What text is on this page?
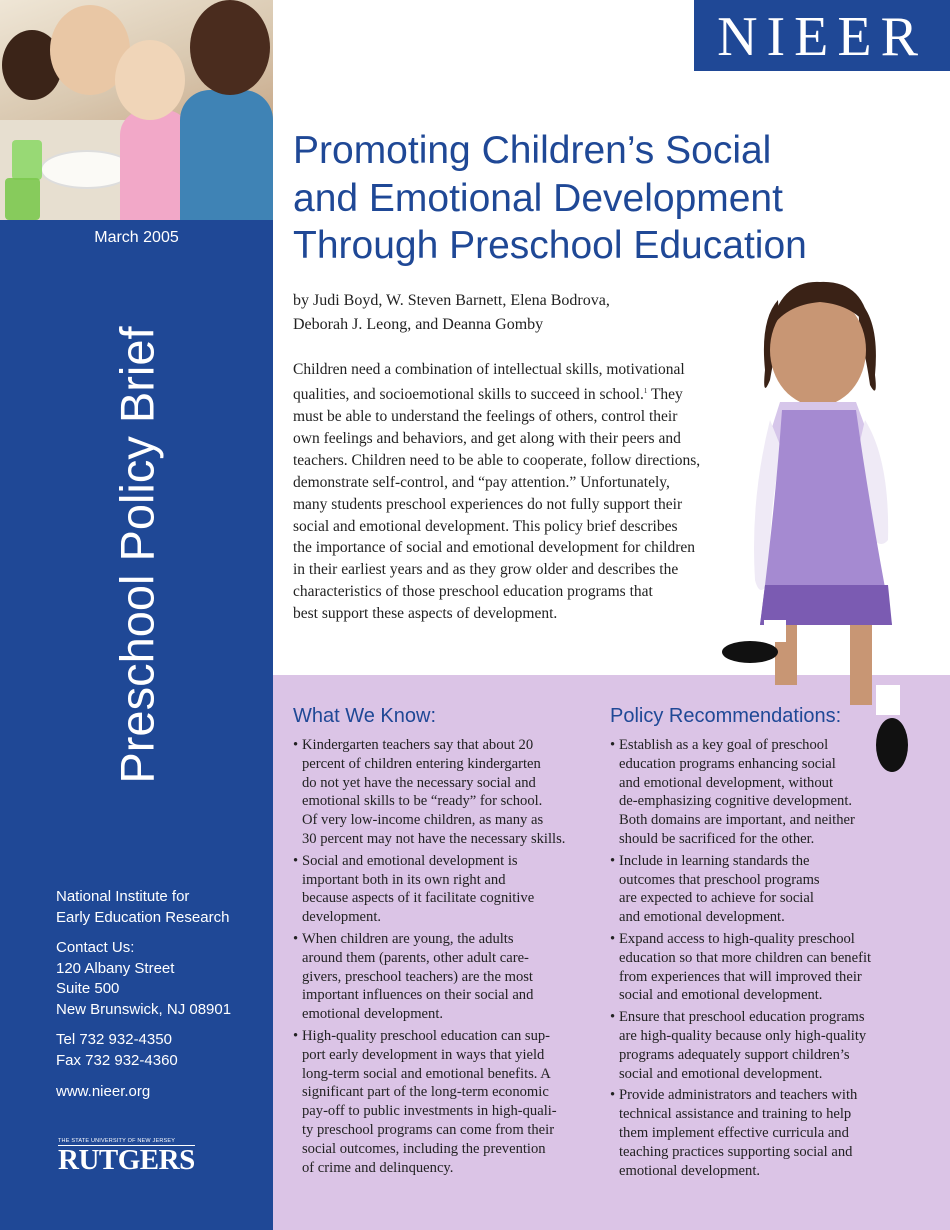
March 2005
Preschool Policy Brief
National Institute for
Early Education Research
Contact Us:
120 Albany Street
Suite 500
New Brunswick, NJ 08901
Tel 732 932-4350
Fax 732 932-4360
www.nieer.org
THE STATE UNIVERSITY OF NEW JERSEY
RUTGERS
NIEER
Promoting Children’s Social
and Emotional Development
Through Preschool Education
by Judi Boyd, W. Steven Barnett, Elena Bodrova,
Deborah J. Leong, and Deanna Gomby
Children need a combination of intellectual skills, motivational
qualities, and socioemotional skills to succeed in school.$^1$ They
must be able to understand the feelings of others, control their
own feelings and behaviors, and get along with their peers and
teachers. Children need to be able to cooperate, follow directions,
demonstrate self-control, and “pay attention.” Unfortunately,
many students preschool experiences do not fully support their
social and emotional development. This policy brief describes
the importance of social and emotional development for children
in their earliest years and as they grow older and describes the
characteristics of those preschool education programs that
best support these aspects of development.
What We Know:
• Kindergarten teachers say that about 20
percent of children entering kindergarten
do not yet have the necessary social and
emotional skills to be “ready” for school.
Of very low-income children, as many as
30 percent may not have the necessary skills.
• Social and emotional development is
important both in its own right and
because aspects of it facilitate cognitive
development.
• When children are young, the adults
around them (parents, other adult care-
givers, preschool teachers) are the most
important influences on their social and
emotional development.
• High-quality preschool education can sup-
port early development in ways that yield
long-term social and emotional benefits. A
significant part of the long-term economic
pay-off to public investments in high-quali-
ty preschool programs can come from their
social outcomes, including the prevention
of crime and delinquency.
Policy Recommendations:
• Establish as a key goal of preschool
education programs enhancing social
and emotional development, without
de-emphasizing cognitive development.
Both domains are important, and neither
should be sacrificed for the other.
• Include in learning standards the
outcomes that preschool programs
are expected to achieve for social
and emotional development.
• Expand access to high-quality preschool
education so that more children can benefit
from experiences that will improved their
social and emotional development.
• Ensure that preschool education programs
are high-quality because only high-quality
programs adequately support children’s
social and emotional development.
• Provide administrators and teachers with
technical assistance and training to help
them implement effective curricula and
teaching practices supporting social and
emotional development.
